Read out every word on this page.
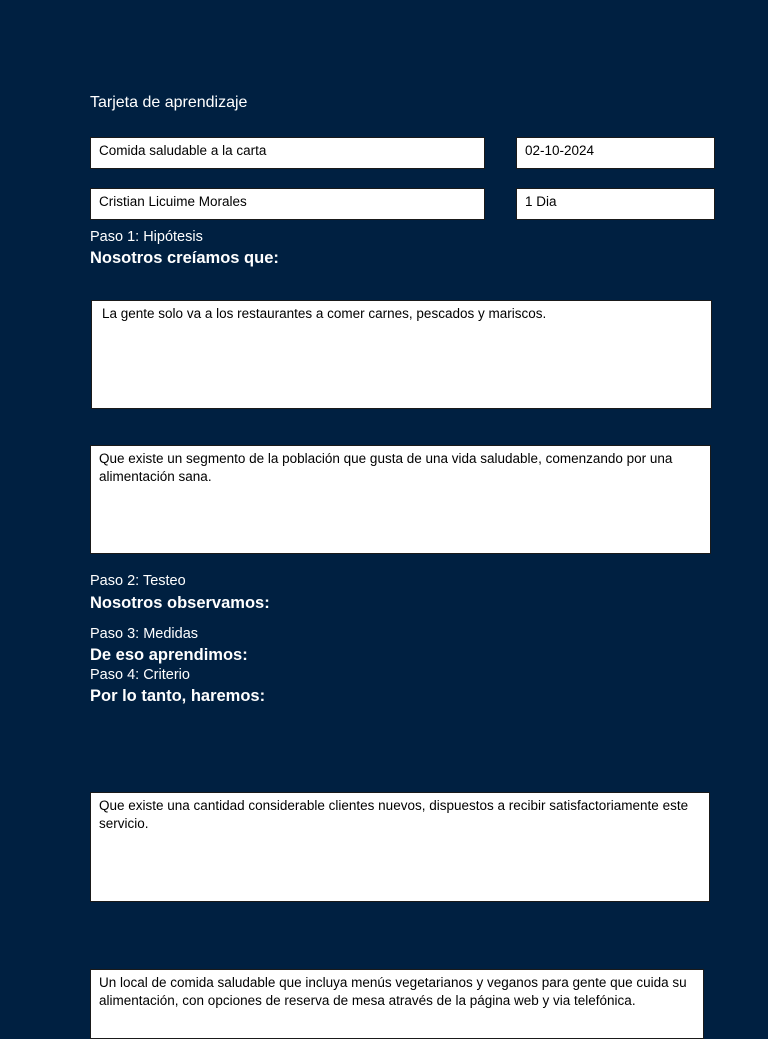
Tarjeta de aprendizaje
Comida saludable a la carta	02-10-2024
Cristian Licuime Morales	1 Dia
Paso 1: Hipótesis
Nosotros creíamos que:
La gente solo va a los restaurantes a comer carnes, pescados y mariscos.
Que existe un segmento de la población que gusta de una vida saludable, comenzando por una alimentación sana.
Paso 2: Testeo
Nosotros observamos:
Paso 3: Medidas
De eso aprendimos:
Paso 4: Criterio
Por lo tanto, haremos:
Que existe una cantidad considerable clientes nuevos, dispuestos a recibir satisfactoriamente este servicio.
Un local de comida saludable que incluya menús vegetarianos y veganos para gente que cuida su alimentación, con opciones de reserva de mesa através de la página web y via telefónica.
